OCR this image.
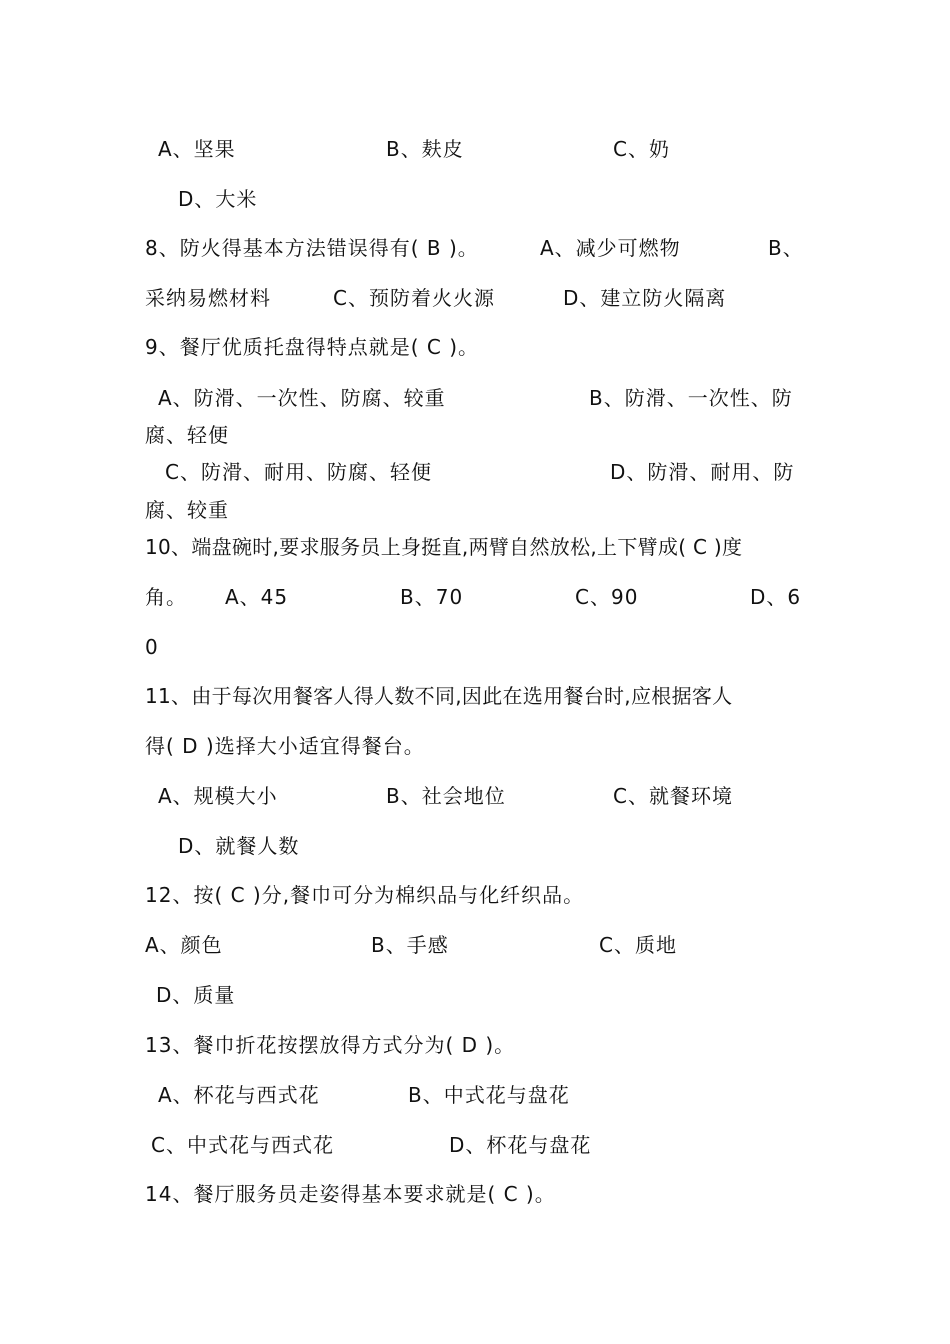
A、坚果	B、麸皮	C、奶
D、大米
8、防火得基本方法错误得有( B )。	A、减少可燃物	B、
采纳易燃材料	C、预防着火火源	D、建立防火隔离
9、餐厅优质托盘得特点就是( C )。
A、防滑、一次性、防腐、较重	B、防滑、一次性、防
腐、轻便
C、防滑、耐用、防腐、轻便	D、防滑、耐用、防
腐、较重
10、端盘碗时,要求服务员上身挺直,两臂自然放松,上下臂成( C )度
角。 A、45	B、70	C、90	D、6
0
11、由于每次用餐客人得人数不同,因此在选用餐台时,应根据客人
得( D )选择大小适宜得餐台。
A、规模大小	B、社会地位	C、就餐环境
D、就餐人数
12、按( C )分,餐巾可分为棉织品与化纤织品。
A、颜色	B、手感	C、质地
D、质量
13、餐巾折花按摆放得方式分为( D )。
A、杯花与西式花	B、中式花与盘花
C、中式花与西式花	D、杯花与盘花
14、餐厅服务员走姿得基本要求就是( C )。
